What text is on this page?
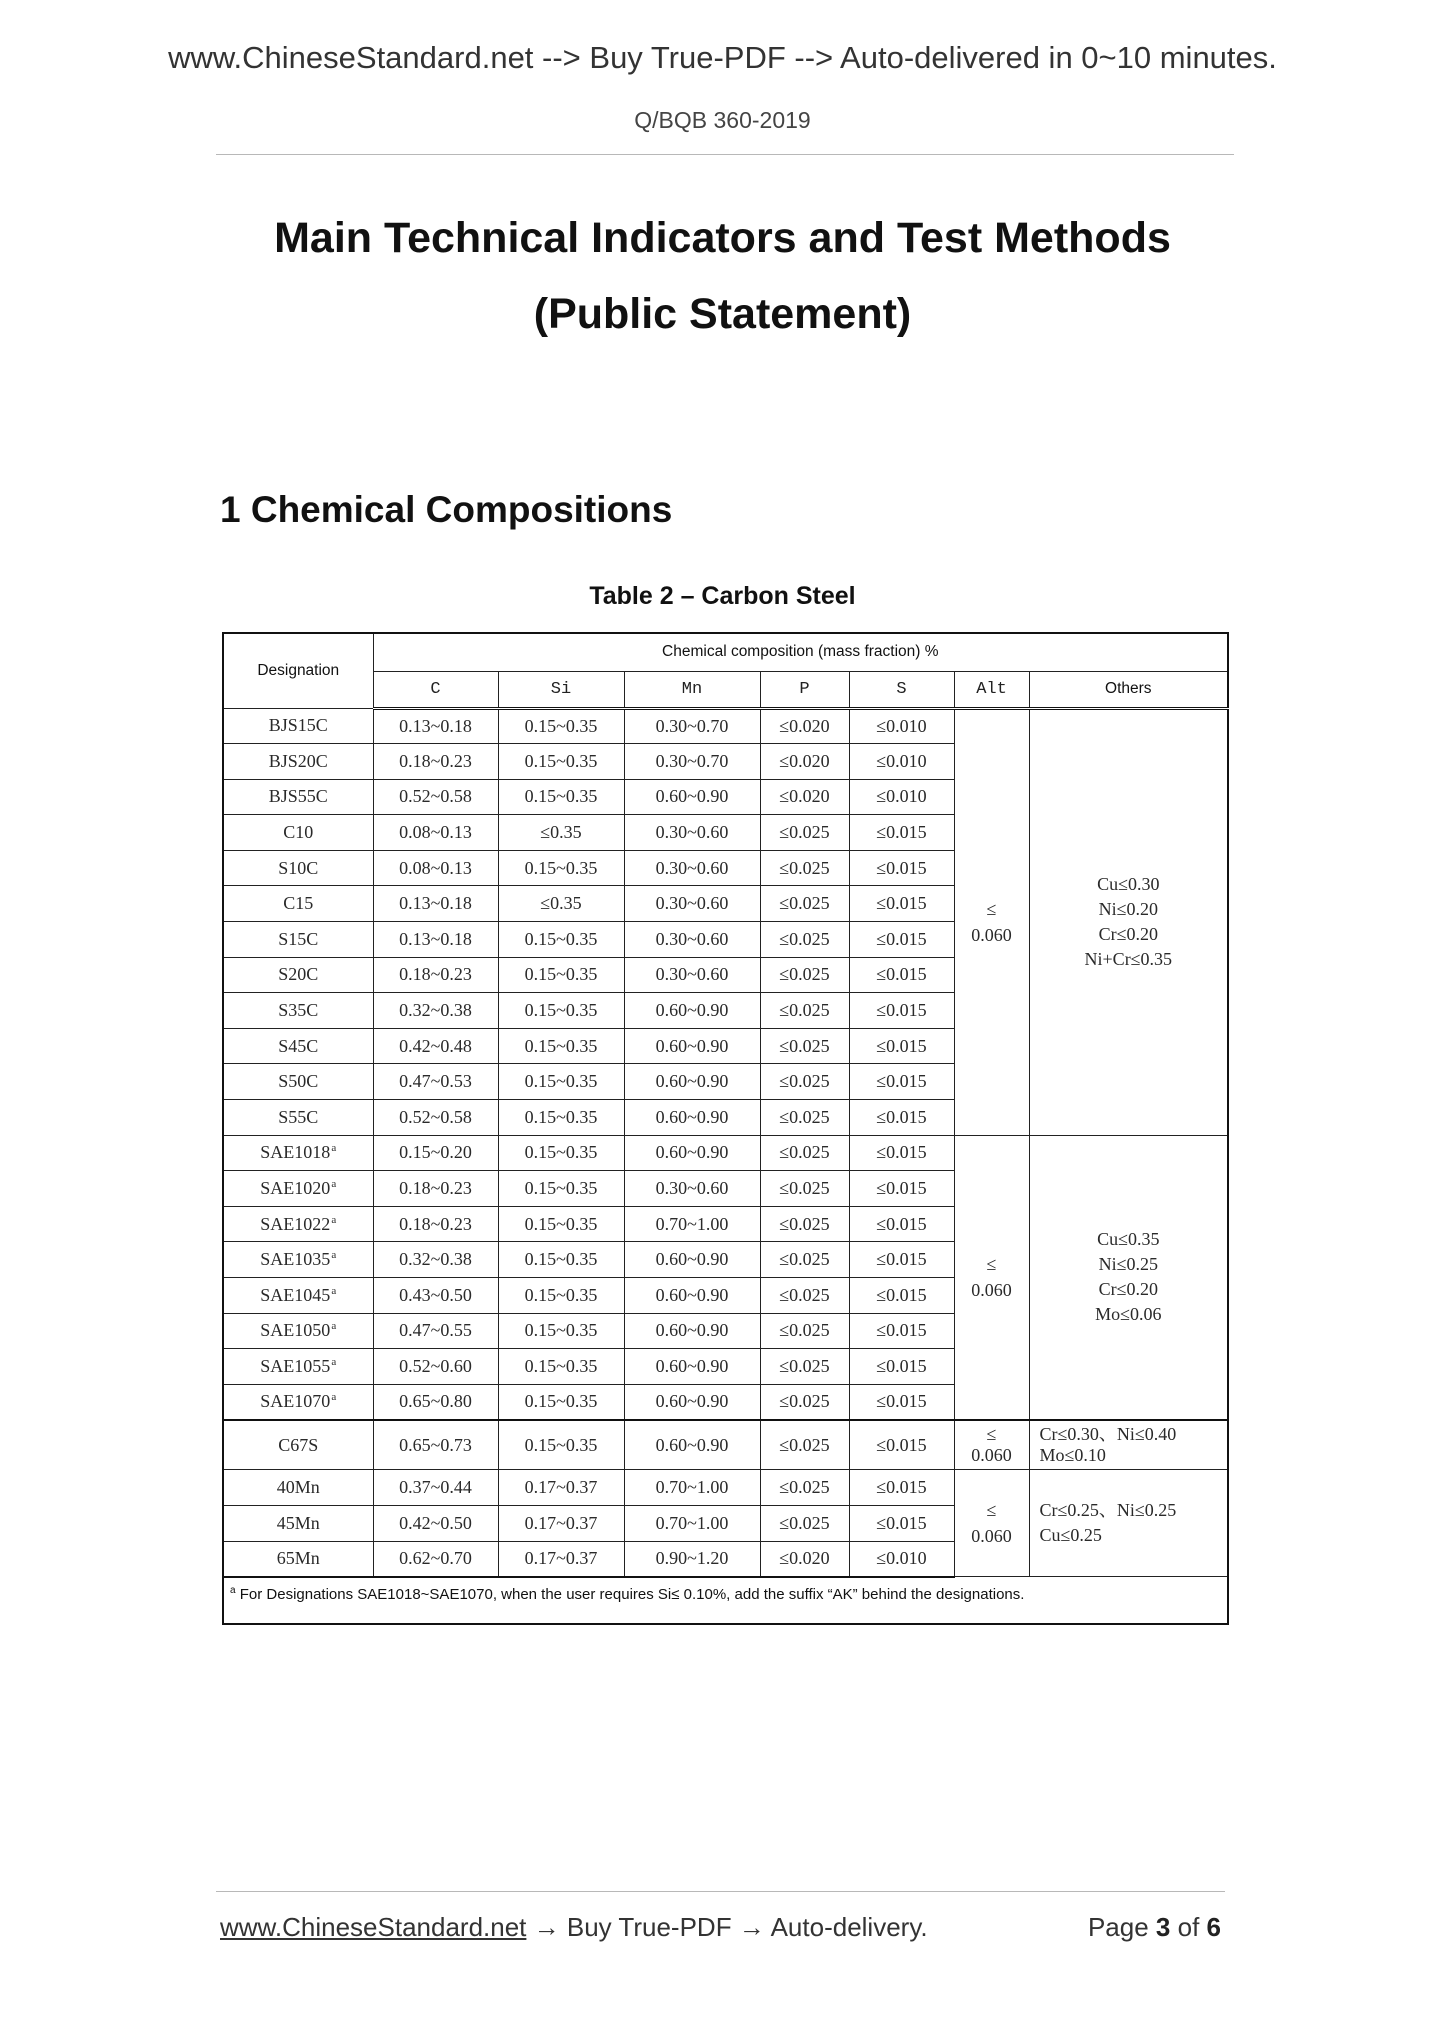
www.ChineseStandard.net --> Buy True-PDF --> Auto-delivered in 0~10 minutes.
Q/BQB 360-2019
Main Technical Indicators and Test Methods
(Public Statement)
1 Chemical Compositions
Table 2 – Carbon Steel
Designation	Chemical composition (mass fraction) %						
	C	Si	Mn	P	S	Alt	Others
BJS15C	0.13~0.18	0.15~0.35	0.30~0.70	≤0.020	≤0.010	≤
0.060	Cu≤0.30
Ni≤0.20
Cr≤0.20
Ni+Cr≤0.35
BJS20C	0.18~0.23	0.15~0.35	0.30~0.70	≤0.020	≤0.010		
BJS55C	0.52~0.58	0.15~0.35	0.60~0.90	≤0.020	≤0.010		
C10	0.08~0.13	≤0.35	0.30~0.60	≤0.025	≤0.015		
S10C	0.08~0.13	0.15~0.35	0.30~0.60	≤0.025	≤0.015		
C15	0.13~0.18	≤0.35	0.30~0.60	≤0.025	≤0.015		
S15C	0.13~0.18	0.15~0.35	0.30~0.60	≤0.025	≤0.015		
S20C	0.18~0.23	0.15~0.35	0.30~0.60	≤0.025	≤0.015		
S35C	0.32~0.38	0.15~0.35	0.60~0.90	≤0.025	≤0.015		
S45C	0.42~0.48	0.15~0.35	0.60~0.90	≤0.025	≤0.015		
S50C	0.47~0.53	0.15~0.35	0.60~0.90	≤0.025	≤0.015		
S55C	0.52~0.58	0.15~0.35	0.60~0.90	≤0.025	≤0.015		
SAE1018$^a$	0.15~0.20	0.15~0.35	0.60~0.90	≤0.025	≤0.015	≤
0.060	Cu≤0.35
Ni≤0.25
Cr≤0.20
Mo≤0.06
SAE1020$^a$	0.18~0.23	0.15~0.35	0.30~0.60	≤0.025	≤0.015		
SAE1022$^a$	0.18~0.23	0.15~0.35	0.70~1.00	≤0.025	≤0.015		
SAE1035$^a$	0.32~0.38	0.15~0.35	0.60~0.90	≤0.025	≤0.015		
SAE1045$^a$	0.43~0.50	0.15~0.35	0.60~0.90	≤0.025	≤0.015		
SAE1050$^a$	0.47~0.55	0.15~0.35	0.60~0.90	≤0.025	≤0.015		
SAE1055$^a$	0.52~0.60	0.15~0.35	0.60~0.90	≤0.025	≤0.015		
SAE1070$^a$	0.65~0.80	0.15~0.35	0.60~0.90	≤0.025	≤0.015		
C67S	0.65~0.73	0.15~0.35	0.60~0.90	≤0.025	≤0.015	≤
0.060	Cr≤0.30、Ni≤0.40
Mo≤0.10
40Mn	0.37~0.44	0.17~0.37	0.70~1.00	≤0.025	≤0.015	≤
0.060	Cr≤0.25、Ni≤0.25
Cu≤0.25
45Mn	0.42~0.50	0.17~0.37	0.70~1.00	≤0.025	≤0.015		
65Mn	0.62~0.70	0.17~0.37	0.90~1.20	≤0.020	≤0.010		
$^a$ For Designations SAE1018~SAE1070, when the user requires Si≤ 0.10%, add the suffix “AK” behind the designations.							
www.ChineseStandard.net → Buy True-PDF → Auto-delivery.	Page 3 of 6
